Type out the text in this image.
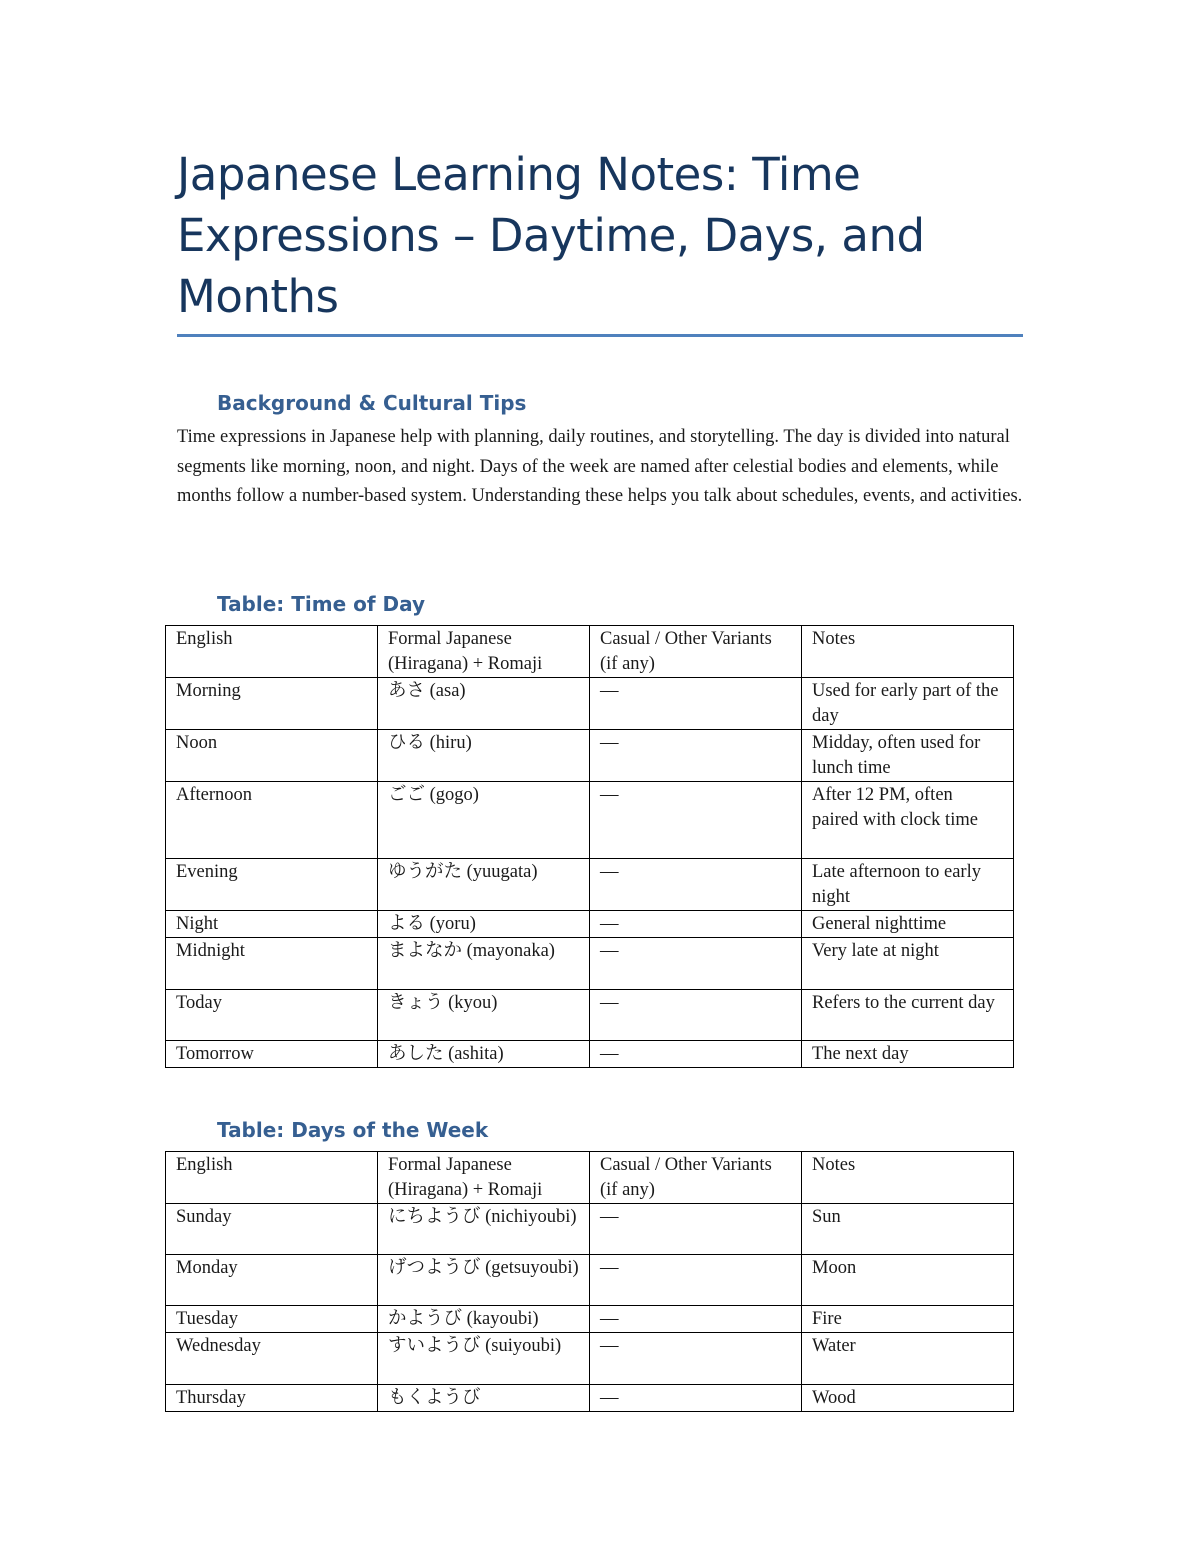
Japanese Learning Notes: Time Expressions – Daytime, Days, and Months
Background & Cultural Tips

Time expressions in Japanese help with planning, daily routines, and storytelling. The day is divided into natural segments like morning, noon, and night. Days of the week are named after celestial bodies and elements, while months follow a number-based system. Understanding these helps you talk about schedules, events, and activities.

Table: Time of Day
English	Formal Japanese (Hiragana) + Romaji	Casual / Other Variants (if any)	Notes
Morning	あさ (asa)	—	Used for early part of the day
Noon	ひる (hiru)	—	Midday, often used for lunch time
Afternoon	ごご (gogo)	—	After 12 PM, often paired with clock time
Evening	ゆうがた (yuugata)	—	Late afternoon to early night
Night	よる (yoru)	—	General nighttime
Midnight	まよなか (mayonaka)	—	Very late at night
Today	きょう (kyou)	—	Refers to the current day
Tomorrow	あした (ashita)	—	The next day
Table: Days of the Week
English	Formal Japanese (Hiragana) + Romaji	Casual / Other Variants (if any)	Notes
Sunday	にちようび (nichiyoubi)	—	Sun
Monday	げつようび (getsuyoubi)	—	Moon
Tuesday	かようび (kayoubi)	—	Fire
Wednesday	すいようび (suiyoubi)	—	Water
Thursday	もくようび	—	Wood
